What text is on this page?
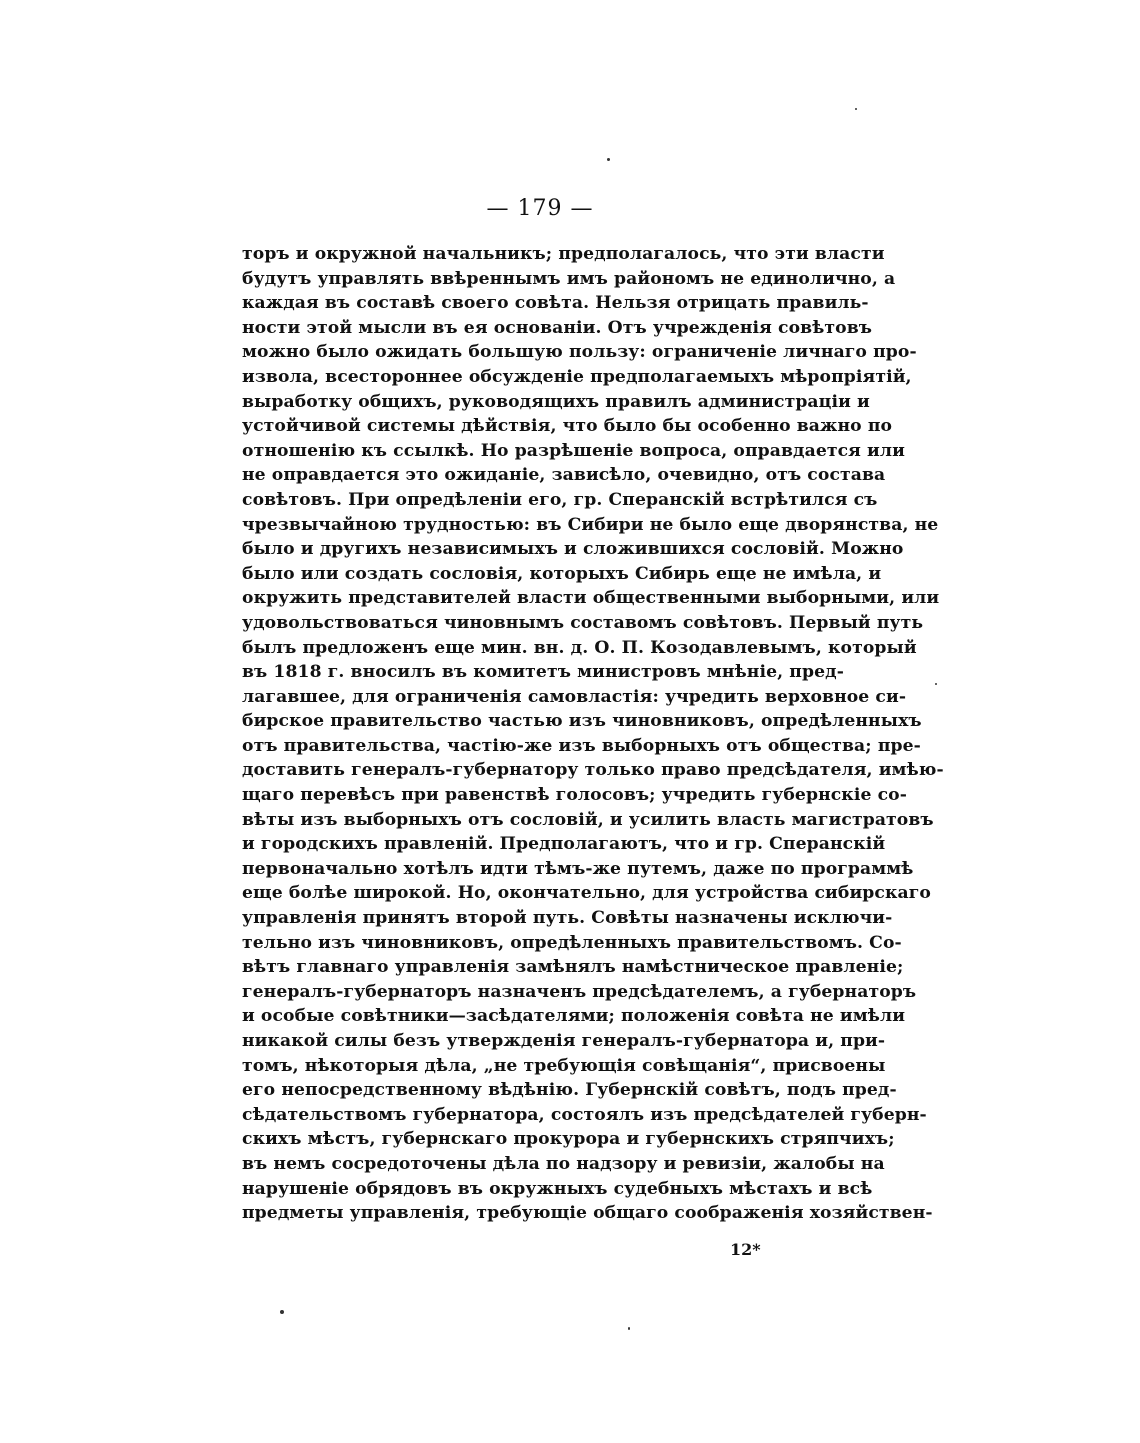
— 179 —
торъ и окружной начальникъ; предполагалось, что эти власти
будутъ управлять ввѣреннымъ имъ райономъ не единолично, а
каждая въ составѣ своего совѣта. Нельзя отрицать правиль-
ности этой мысли въ ея основаніи. Отъ учрежденія совѣтовъ
можно было ожидать большую пользу: ограниченіе личнаго про-
извола, всестороннее обсужденіе предполагаемыхъ мѣропріятій,
выработку общихъ, руководящихъ правилъ администраціи и
устойчивой системы дѣйствія, что было бы особенно важно по
отношенію къ ссылкѣ. Но разрѣшеніе вопроса, оправдается или
не оправдается это ожиданіе, зависѣло, очевидно, отъ состава
совѣтовъ. При опредѣленіи его, гр. Сперанскій встрѣтился съ
чрезвычайною трудностью: въ Сибири не было еще дворянства, не
было и другихъ независимыхъ и сложившихся сословій. Можно
было или создать сословія, которыхъ Сибирь еще не имѣла, и
окружить представителей власти общественными выборными, или
удовольствоваться чиновнымъ составомъ совѣтовъ. Первый путь
былъ предложенъ еще мин. вн. д. О. П. Козодавлевымъ, который
въ 1818 г. вносилъ въ комитетъ министровъ мнѣніе, пред-
лагавшее, для ограниченія самовластія: учредить верховное си-
бирское правительство частью изъ чиновниковъ, опредѣленныхъ
отъ правительства, частію-же изъ выборныхъ отъ общества; пре-
доставить генералъ-губернатору только право предсѣдателя, имѣю-
щаго перевѣсъ при равенствѣ голосовъ; учредить губернскіе со-
вѣты изъ выборныхъ отъ сословій, и усилить власть магистратовъ
и городскихъ правленій. Предполагаютъ, что и гр. Сперанскій
первоначально хотѣлъ идти тѣмъ-же путемъ, даже по программѣ
еще болѣе широкой. Но, окончательно, для устройства сибирскаго
управленія принятъ второй путь. Совѣты назначены исключи-
тельно изъ чиновниковъ, опредѣленныхъ правительствомъ. Со-
вѣтъ главнаго управленія замѣнялъ намѣстническое правленіе;
генералъ-губернаторъ назначенъ предсѣдателемъ, а губернаторъ
и особые совѣтники—засѣдателями; положенія совѣта не имѣли
никакой силы безъ утвержденія генералъ-губернатора и, при-
томъ, нѣкоторыя дѣла, „не требующія совѣщанія“, присвоены
его непосредственному вѣдѣнію. Губернскій совѣтъ, подъ пред-
сѣдательствомъ губернатора, состоялъ изъ предсѣдателей губерн-
скихъ мѣстъ, губернскаго прокурора и губернскихъ стряпчихъ;
въ немъ сосредоточены дѣла по надзору и ревизіи, жалобы на
нарушеніе обрядовъ въ окружныхъ судебныхъ мѣстахъ и всѣ
предметы управленія, требующіе общаго соображенія хозяйствен-
12*
